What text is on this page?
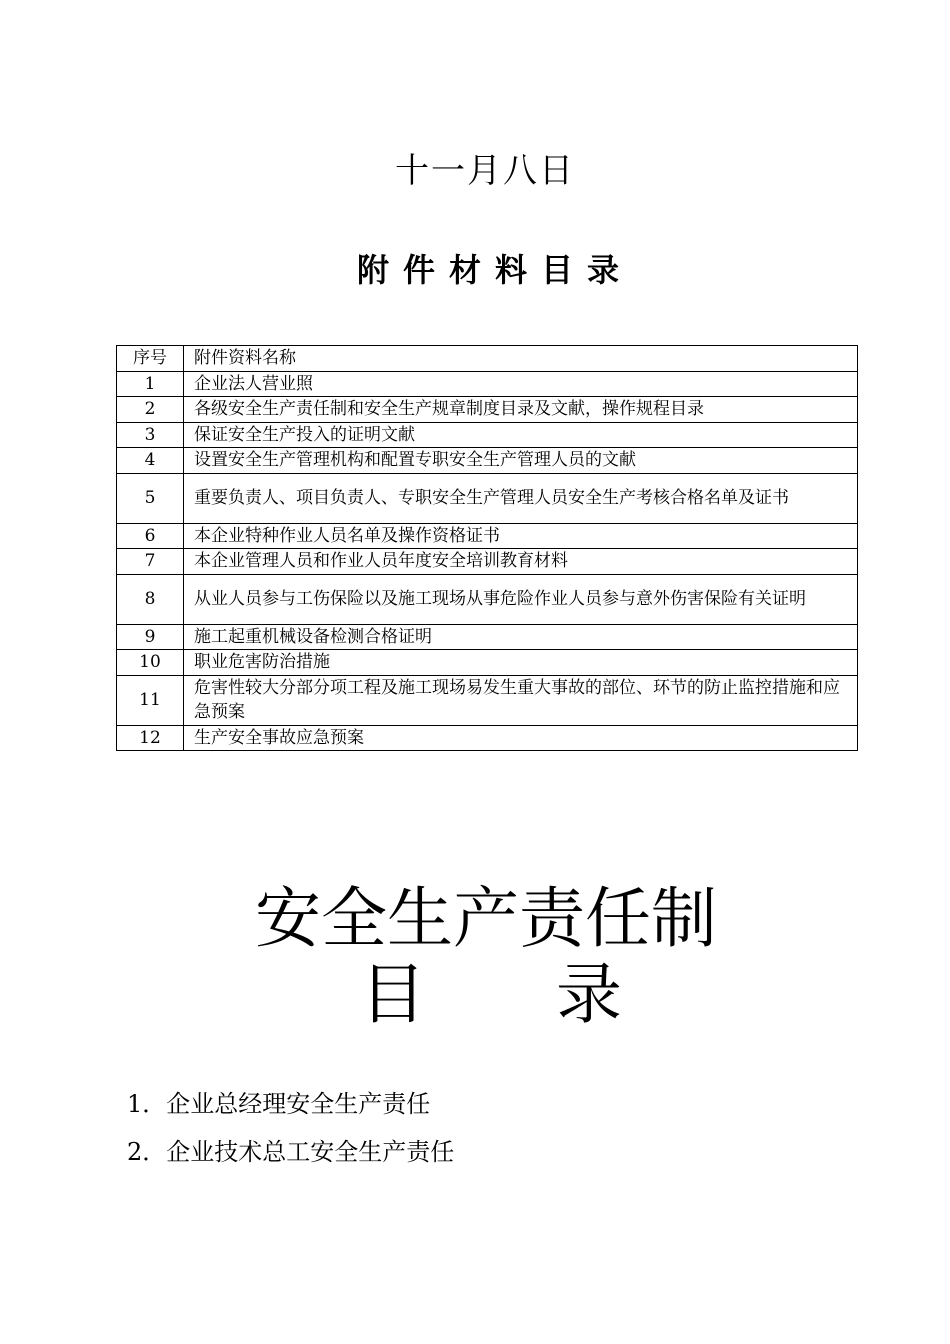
十一月八日
附件材料目录
序号	附件资料名称
1	企业法人营业照
2	各级安全生产责任制和安全生产规章制度目录及文献，操作规程目录
3	保证安全生产投入的证明文献
4	设置安全生产管理机构和配置专职安全生产管理人员的文献
5	重要负责人、项目负责人、专职安全生产管理人员安全生产考核合格名单及证书
6	本企业特种作业人员名单及操作资格证书
7	本企业管理人员和作业人员年度安全培训教育材料
8	从业人员参与工伤保险以及施工现场从事危险作业人员参与意外伤害保险有关证明
9	施工起重机械设备检测合格证明
10	职业危害防治措施
11	危害性较大分部分项工程及施工现场易发生重大事故的部位、环节的防止监控措施和应急预案
12	生产安全事故应急预案
安全生产责任制
目 录
1．企业总经理安全生产责任
2．企业技术总工安全生产责任
